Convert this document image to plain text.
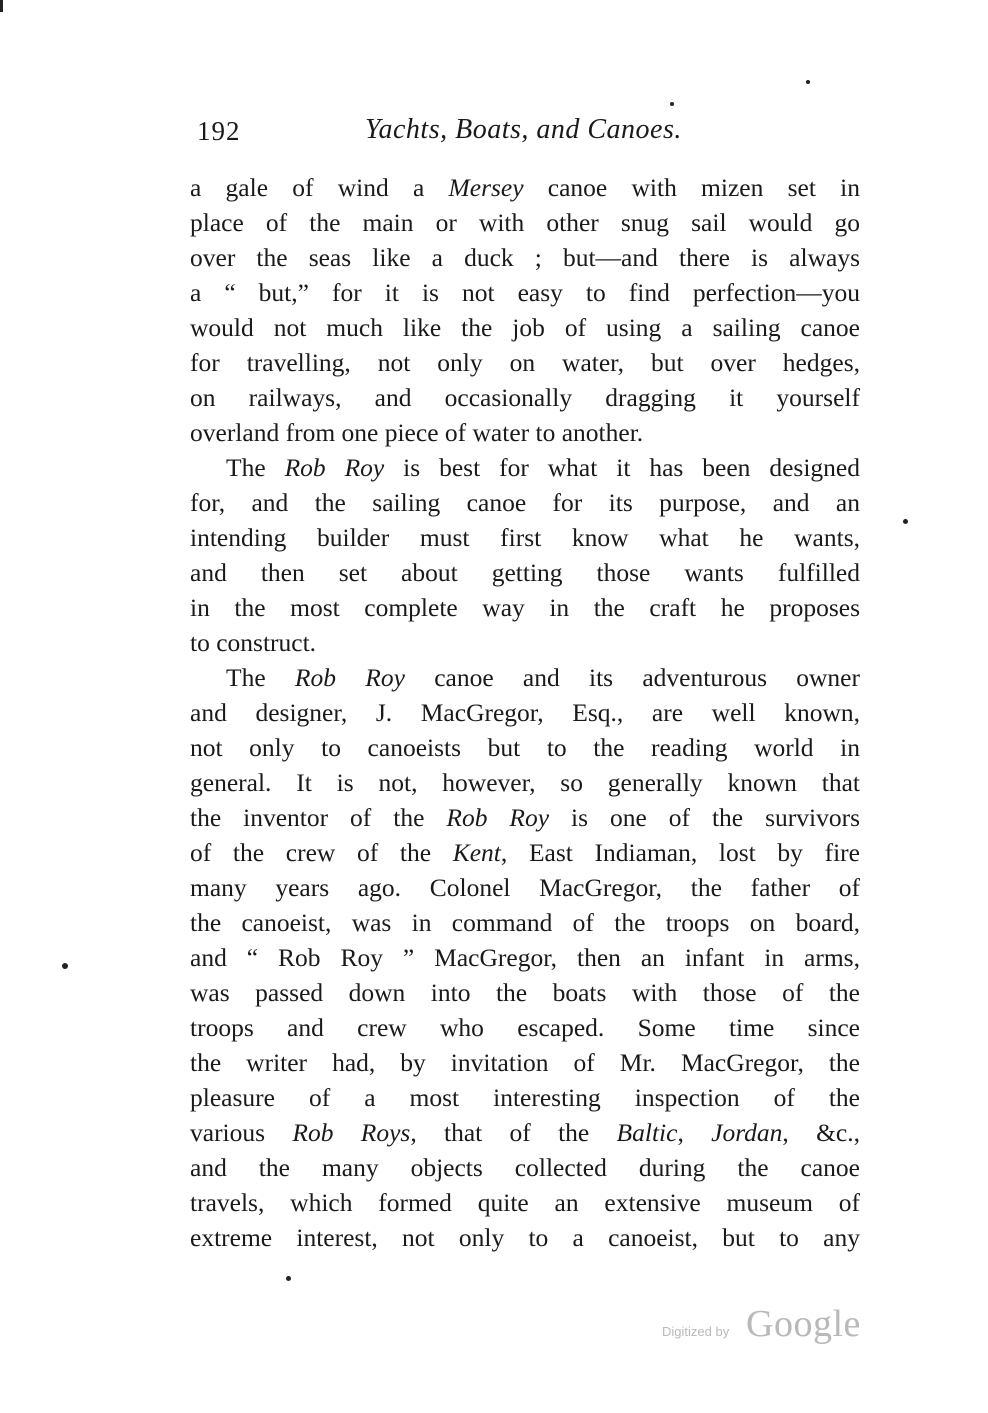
192	Yachts, Boats, and Canoes.
a gale of wind a Mersey canoe with mizen set in
place of the main or with other snug sail would go
over the seas like a duck ; but—and there is always
a “ but,” for it is not easy to find perfection—you
would not much like the job of using a sailing canoe
for travelling, not only on water, but over hedges,
on railways, and occasionally dragging it yourself
overland from one piece of water to another.
The Rob Roy is best for what it has been designed
for, and the sailing canoe for its purpose, and an
intending builder must first know what he wants,
and then set about getting those wants fulfilled
in the most complete way in the craft he proposes
to construct.
The Rob Roy canoe and its adventurous owner
and designer, J. MacGregor, Esq., are well known,
not only to canoeists but to the reading world in
general. It is not, however, so generally known that
the inventor of the Rob Roy is one of the survivors
of the crew of the Kent, East Indiaman, lost by fire
many years ago. Colonel MacGregor, the father of
the canoeist, was in command of the troops on board,
and “ Rob Roy ” MacGregor, then an infant in arms,
was passed down into the boats with those of the
troops and crew who escaped. Some time since
the writer had, by invitation of Mr. MacGregor, the
pleasure of a most interesting inspection of the
various Rob Roys, that of the Baltic, Jordan, &c.,
and the many objects collected during the canoe
travels, which formed quite an extensive museum of
extreme interest, not only to a canoeist, but to any
Digitized by Google
